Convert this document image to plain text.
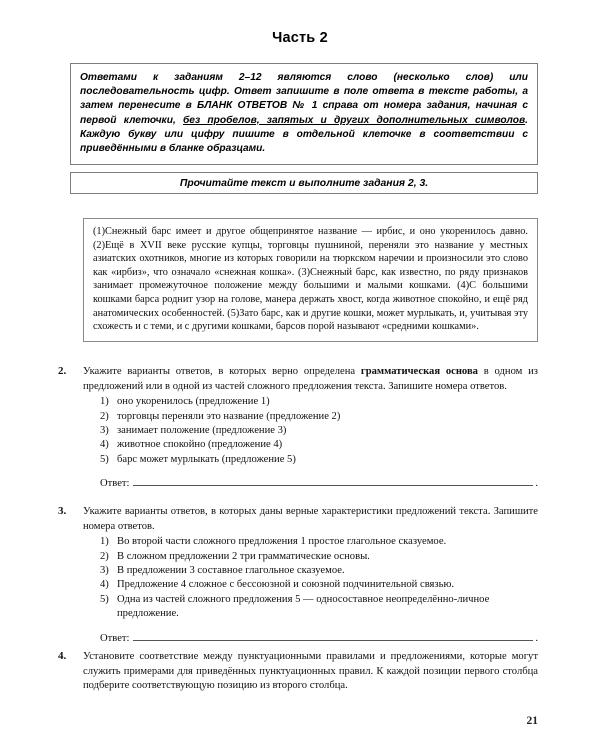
Часть 2

Ответами к заданиям 2–12 являются слово (несколько слов) или последовательность цифр. Ответ запишите в поле ответа в тексте работы, а затем перенесите в БЛАНК ОТВЕТОВ № 1 справа от номера задания, начиная с первой клеточки, без пробелов, запятых и других дополнительных символов. Каждую букву или цифру пишите в отдельной клеточке в соответствии с приведёнными в бланке образцами.

Прочитайте текст и выполните задания 2, 3.

(1)Снежный барс имеет и другое общепринятое название — ирбис, и оно укоренилось давно. (2)Ещё в XVII веке русские купцы, торговцы пушниной, переняли это название у местных азиатских охотников, многие из которых говорили на тюркском наречии и произносили это слово как «ирбиз», что означало «снежная кошка». (3)Снежный барс, как известно, по ряду признаков занимает промежуточное положение между большими и малыми кошками. (4)С большими кошками барса роднит узор на голове, манера держать хвост, когда животное спокойно, и ещё ряд анатомических особенностей. (5)Зато барс, как и другие кошки, может мурлыкать, и, учитывая эту схожесть и с теми, и с другими кошками, барсов порой называют «средними кошками».

2.	Укажите варианты ответов, в которых верно определена грамматическая основа в одном из предложений или в одной из частей сложного предложения текста. Запишите номера ответов.

1) оно укоренилось (предложение 1)
2) торговцы переняли это название (предложение 2)
3) занимает положение (предложение 3)
4) животное спокойно (предложение 4)
5) барс может мурлыкать (предложение 5)
Ответ:	.
3.	Укажите варианты ответов, в которых даны верные характеристики предложений текста. Запишите номера ответов.

1) Во второй части сложного предложения 1 простое глагольное сказуемое.
2) В сложном предложении 2 три грамматические основы.
3) В предложении 3 составное глагольное сказуемое.
4) Предложение 4 сложное с бессоюзной и союзной подчинительной связью.
5) Одна из частей сложного предложения 5 — односоставное неопределённо-личное предложение.
Ответ:	.
4.	Установите соответствие между пунктуационными правилами и предложениями, которые могут служить примерами для приведённых пунктуационных правил. К каждой позиции первого столбца подберите соответствующую позицию из второго столбца.

21
